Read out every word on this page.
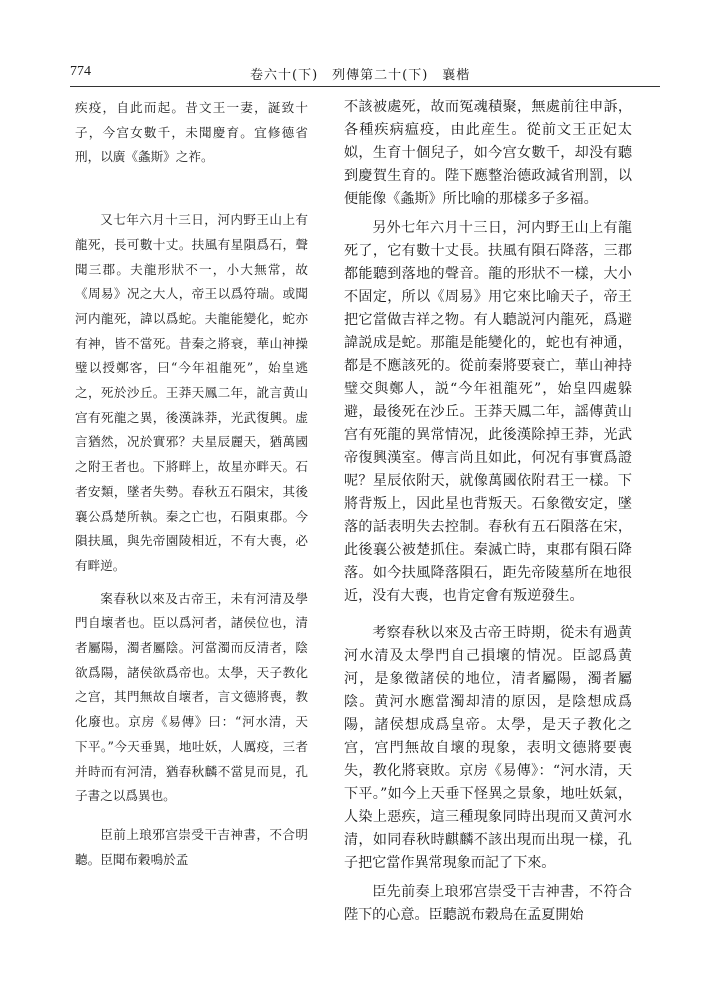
774	卷六十(下)　列傳第二十(下)　襄楷

疾疫，自此而起。昔文王一妻，誕致十子，今宫女數千，未聞慶育。宜修德省刑，以廣《螽斯》之祚。

又七年六月十三日，河内野王山上有龍死，長可數十丈。扶風有星隕爲石，聲聞三郡。夫龍形狀不一，小大無常，故《周易》况之大人，帝王以爲符瑞。或聞河内龍死，諱以爲蛇。夫龍能變化，蛇亦有神，皆不當死。昔秦之將衰，華山神操璧以授鄭客，曰“今年祖龍死”，始皇逃之，死於沙丘。王莽天鳳二年，訛言黄山宫有死龍之異，後漢誅莽，光武復興。虚言猶然，况於實邪？夫星辰麗天，猶萬國之附王者也。下將畔上，故星亦畔天。石者安類，墜者失勢。春秋五石隕宋，其後襄公爲楚所執。秦之亡也，石隕東郡。今隕扶風，與先帝園陵相近，不有大喪，必有畔逆。

案春秋以來及古帝王，未有河清及學門自壞者也。臣以爲河者，諸侯位也，清者屬陽，濁者屬陰。河當濁而反清者，陰欲爲陽，諸侯欲爲帝也。太學，天子教化之宫，其門無故自壞者，言文德將喪，教化廢也。京房《易傳》曰：“河水清，天下平。”今天垂異，地吐妖，人厲疫，三者并時而有河清，猶春秋麟不當見而見，孔子書之以爲異也。

臣前上琅邪宫崇受干吉神書，不合明聽。臣聞布穀鳴於孟

不該被處死，故而冤魂積聚，無處前往申訴，各種疾病瘟疫，由此産生。從前文王正妃太姒，生育十個兒子，如今宫女數千，却没有聽到慶賀生育的。陛下應整治德政減省刑罰，以便能像《螽斯》所比喻的那樣多子多福。

另外七年六月十三日，河内野王山上有龍死了，它有數十丈長。扶風有隕石降落，三郡都能聽到落地的聲音。龍的形狀不一樣，大小不固定，所以《周易》用它來比喻天子，帝王把它當做吉祥之物。有人聽説河内龍死，爲避諱説成是蛇。那龍是能變化的，蛇也有神通，都是不應該死的。從前秦將要衰亡，華山神持璧交與鄭人，説“今年祖龍死”，始皇四處躲避，最後死在沙丘。王莽天鳳二年，謡傳黄山宫有死龍的異常情况，此後漢除掉王莽，光武帝復興漢室。傳言尚且如此，何况有事實爲證呢？星辰依附天，就像萬國依附君王一樣。下將背叛上，因此星也背叛天。石象徵安定，墜落的話表明失去控制。春秋有五石隕落在宋，此後襄公被楚抓住。秦滅亡時，東郡有隕石降落。如今扶風降落隕石，距先帝陵墓所在地很近，没有大喪，也肯定會有叛逆發生。

考察春秋以來及古帝王時期，從未有過黄河水清及太學門自己損壞的情况。臣認爲黄河，是象徵諸侯的地位，清者屬陽，濁者屬陰。黄河水應當濁却清的原因，是陰想成爲陽，諸侯想成爲皇帝。太學，是天子教化之宫，宫門無故自壞的現象，表明文德將要喪失，教化將衰敗。京房《易傳》：“河水清，天下平。”如今上天垂下怪異之景象，地吐妖氣，人染上惡疾，這三種現象同時出現而又黄河水清，如同春秋時麒麟不該出現而出現一樣，孔子把它當作異常現象而記了下來。

臣先前奏上琅邪宫崇受干吉神書，不符合陛下的心意。臣聽説布穀鳥在孟夏開始
